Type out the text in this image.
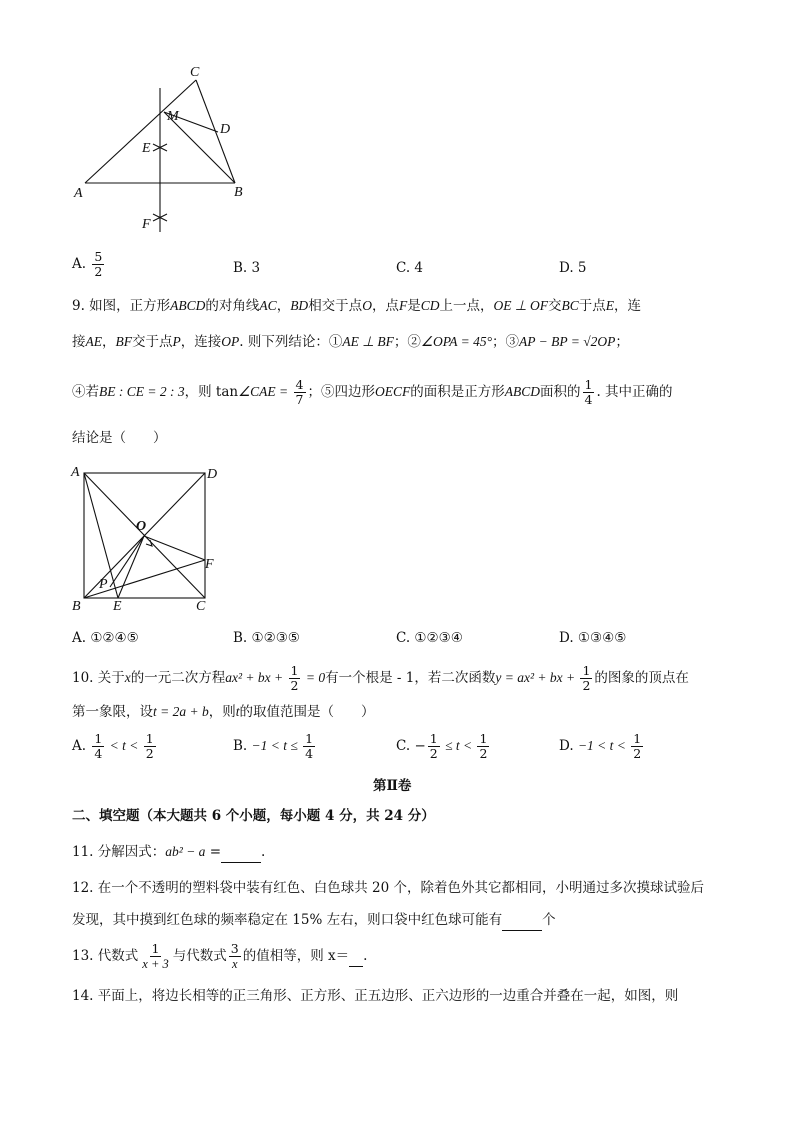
A	B
C
D
E
F
M
A. $\frac{5}{2}$	B. 3	C. 4	D. 5
9. 如图，正方形ABCD的对角线AC，BD相交于点O，点F是CD上一点，OE ⊥ OF交BC于点E，连
接AE，BF交于点P，连接OP. 则下列结论：①AE ⊥ BF；②∠OPA = 45°；③AP − BP = √2OP；
④若BE : CE = 2 : 3，则 tan∠CAE = $\frac{4}{7}$ ；⑤四边形OECF的面积是正方形ABCD面积的 $\frac{1}{4}$ . 其中正确的
结论是（　　）
A	D
B	C
E
F
O
P
A. ①②④⑤	B. ①②③⑤	C. ①②③④	D. ①③④⑤
10. 关于x的一元二次方程ax² + bx + $\frac{1}{2} = 0$有一个根是 - 1，若二次函数y = ax² + bx + $\frac{1}{2}$ 的图象的顶点在
第一象限，设t = 2a + b，则t的取值范围是（　　）
A. $\frac{1}{4} < t < \frac{1}{2}$	B. $-1 < t \le \frac{1}{4}$	C. − $\frac{1}{2} \le t < \frac{1}{2}$	D. $-1 < t < \frac{1}{2}$
第Ⅱ卷
二、填空题（本大题共 6 个小题，每小题 4 分，共 24 分）
11. 分解因式：ab² − a =	.
12. 在一个不透明的塑料袋中装有红色、白色球共 20 个，除着色外其它都相同，小明通过多次摸球试验后
发现，其中摸到红色球的频率稳定在 15% 左右，则口袋中红色球可能有	个
13. 代数式 $\frac{1}{x + 3}$ 与代数式 $\frac{3}{x}$ 的值相等，则 x＝ .
14. 平面上，将边长相等的正三角形、正方形、正五边形、正六边形的一边重合并叠在一起，如图，则
